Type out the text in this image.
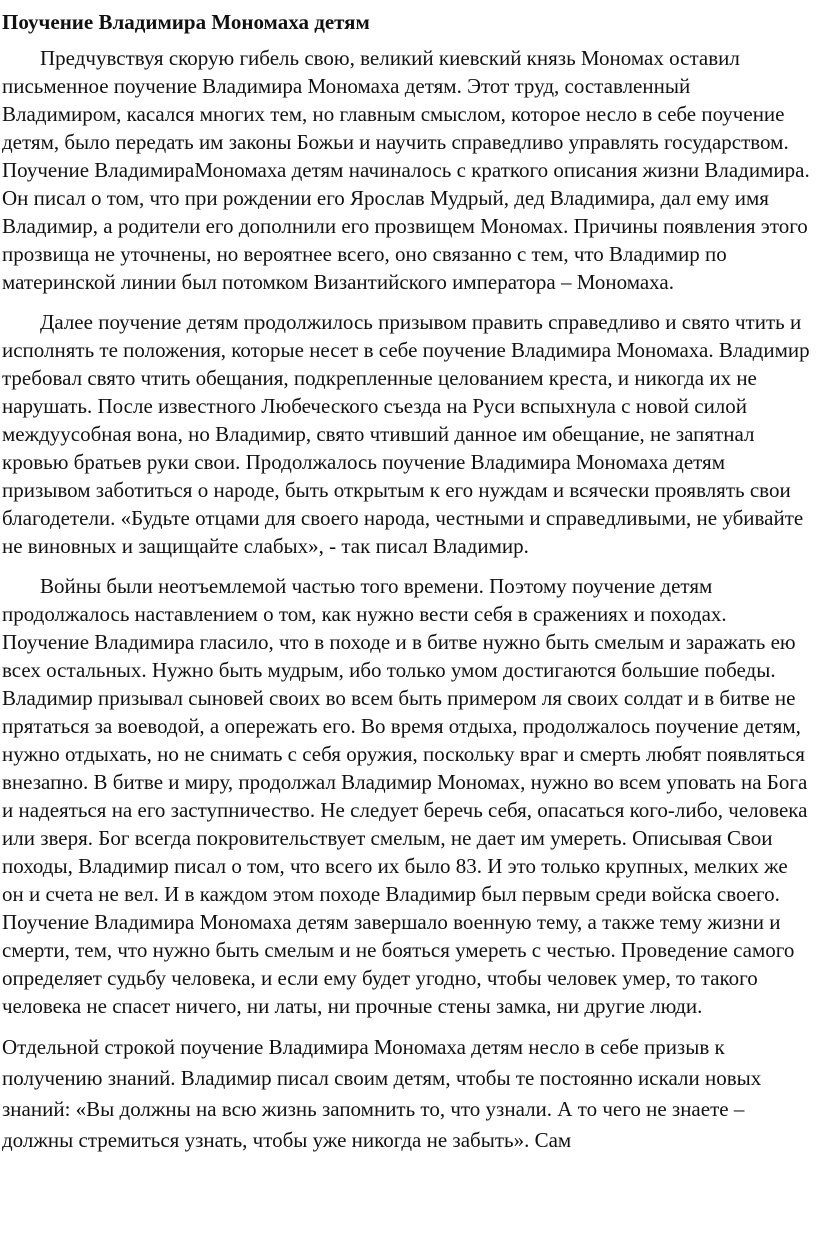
Поучение Владимира Мономаха детям

Предчувствуя скорую гибель свою, великий киевский князь Мономах оставил письменное поучение Владимира Мономаха детям. Этот труд, составленный Владимиром, касался многих тем, но главным смыслом, которое несло в себе поучение детям, было передать им законы Божьи и научить справедливо управлять государством. Поучение ВладимираМономаха детям начиналось с краткого описания жизни Владимира. Он писал о том, что при рождении его Ярослав Мудрый, дед Владимира, дал ему имя Владимир, а родители его дополнили его прозвищем Мономах. Причины появления этого прозвища не уточнены, но вероятнее всего, оно связанно с тем, что Владимир по материнской линии был потомком Византийского императора – Мономаха.

Далее поучение детям продолжилось призывом править справедливо и свято чтить и исполнять те положения, которые несет в себе поучение Владимира Мономаха. Владимир требовал свято чтить обещания, подкрепленные целованием креста, и никогда их не нарушать. После известного Любеческого съезда на Руси вспыхнула с новой силой междуусобная вона, но Владимир, свято чтивший данное им обещание, не запятнал кровью братьев руки свои. Продолжалось поучение Владимира Мономаха детям призывом заботиться о народе, быть открытым к его нуждам и всячески проявлять свои благодетели. «Будьте отцами для своего народа, честными и справедливыми, не убивайте не виновных и защищайте слабых», - так писал Владимир.

Войны были неотъемлемой частью того времени. Поэтому поучение детям продолжалось наставлением о том, как нужно вести себя в сражениях и походах. Поучение Владимира гласило, что в походе и в битве нужно быть смелым и заражать ею всех остальных. Нужно быть мудрым, ибо только умом достигаются большие победы. Владимир призывал сыновей своих во всем быть примером ля своих солдат и в битве не прятаться за воеводой, а опережать его. Во время отдыха, продолжалось поучение детям, нужно отдыхать, но не снимать с себя оружия, поскольку враг и смерть любят появляться внезапно. В битве и миру, продолжал Владимир Мономах, нужно во всем уповать на Бога и надеяться на его заступничество. Не следует беречь себя, опасаться кого-либо, человека или зверя. Бог всегда покровительствует смелым, не дает им умереть. Описывая Свои походы, Владимир писал о том, что всего их было 83. И это только крупных, мелких же он и счета не вел. И в каждом этом походе Владимир был первым среди войска своего. Поучение Владимира Мономаха детям завершало военную тему, а также тему жизни и смерти, тем, что нужно быть смелым и не бояться умереть с честью. Проведение самого определяет судьбу человека, и если ему будет угодно, чтобы человек умер, то такого человека не спасет ничего, ни латы, ни прочные стены замка, ни другие люди.

Отдельной строкой поучение Владимира Мономаха детям несло в себе призыв к получению знаний. Владимир писал своим детям, чтобы те постоянно искали новых знаний: «Вы должны на всю жизнь запомнить то, что узнали. А то чего не знаете – должны стремиться узнать, чтобы уже никогда не забыть». Сам
